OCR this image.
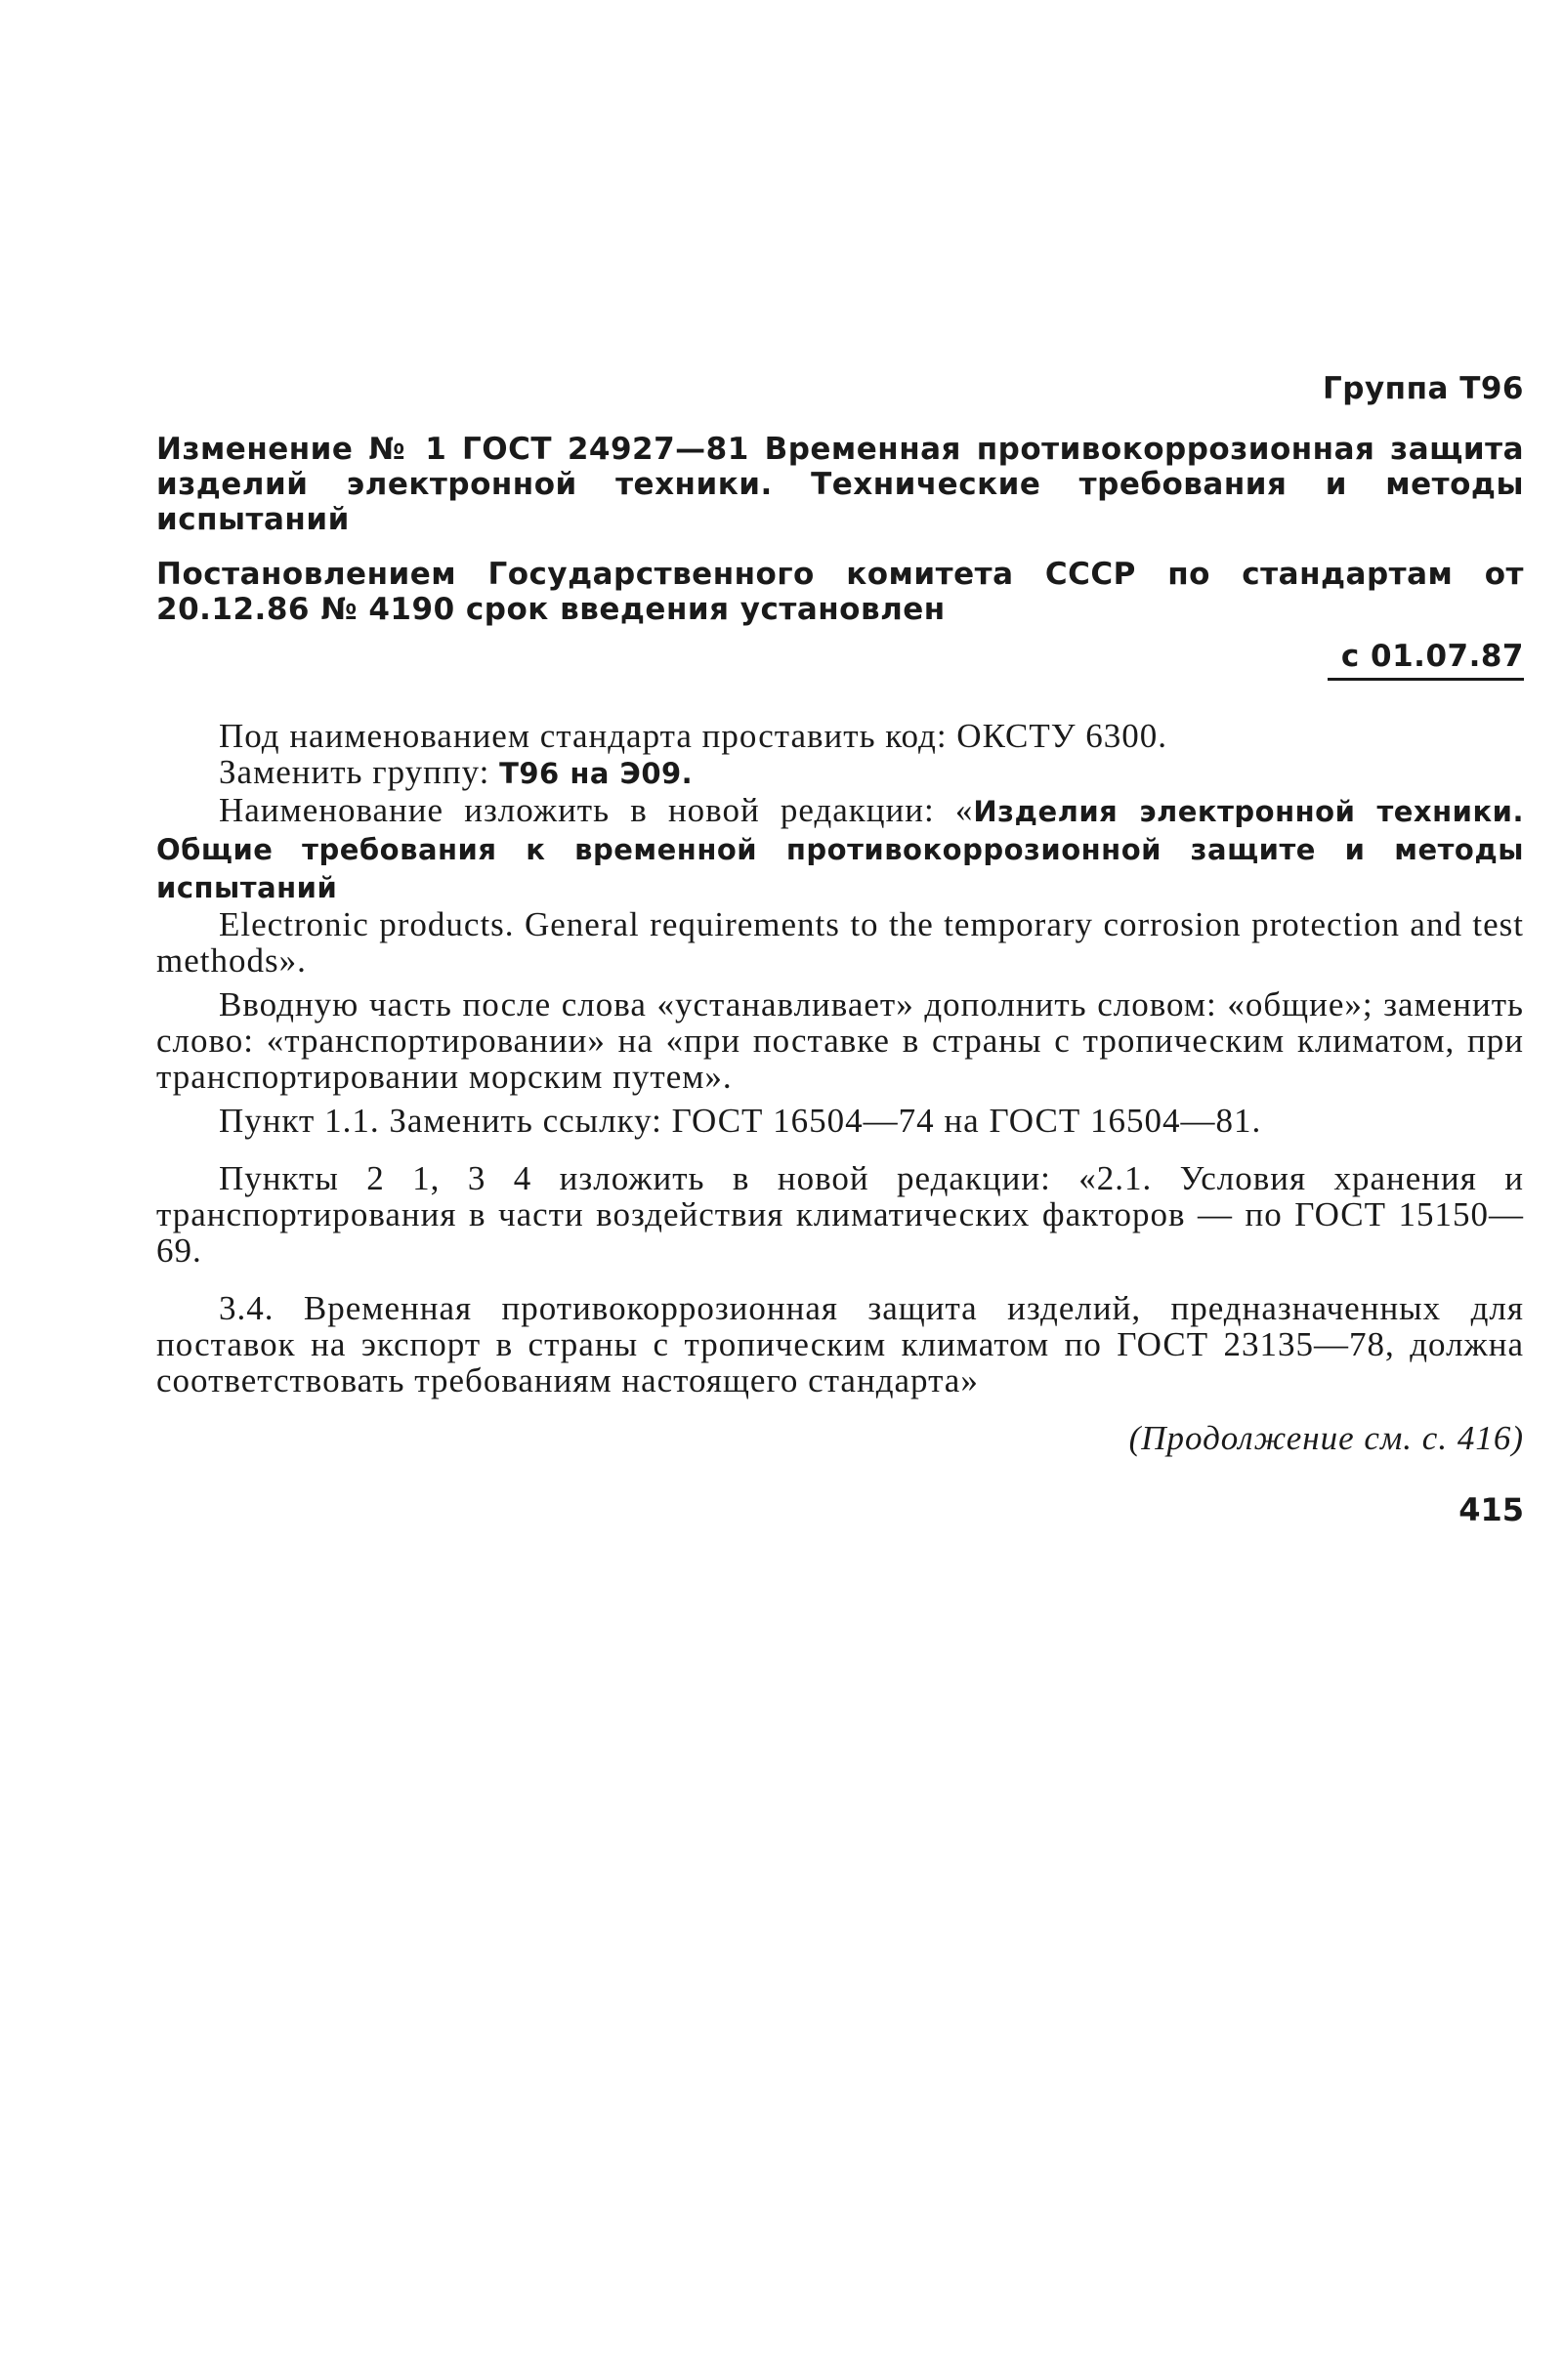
Группа Т96
Изменение № 1 ГОСТ 24927—81 Временная противокоррозионная защита изделий электронной техники. Технические требования и методы испытаний
Постановлением Государственного комитета СССР по стандартам от 20.12.86 № 4190 срок введения установлен
с 01.07.87

Под наименованием стандарта проставить код: ОКСТУ 6300.

Заменить группу: Т96 на Э09.

Наименование изложить в новой редакции: «Изделия электронной техники. Общие требования к временной противокоррозионной защите и методы испытаний

Electronic products. General requirements to the temporary corrosion protection and test methods».

Вводную часть после слова «устанавливает» дополнить словом: «общие»; заменить слово: «транспортировании» на «при поставке в страны с тропическим климатом, при транспортировании морским путем».

Пункт 1.1. Заменить ссылку: ГОСТ 16504—74 на ГОСТ 16504—81.

Пункты 2 1, 3 4 изложить в новой редакции: «2.1. Условия хранения и транспортирования в части воздействия климатических факторов — по ГОСТ 15150—69.

3.4. Временная противокоррозионная защита изделий, предназначенных для поставок на экспорт в страны с тропическим климатом по ГОСТ 23135—78, должна соответствовать требованиям настоящего стандарта»

(Продолжение см. с. 416)
415
